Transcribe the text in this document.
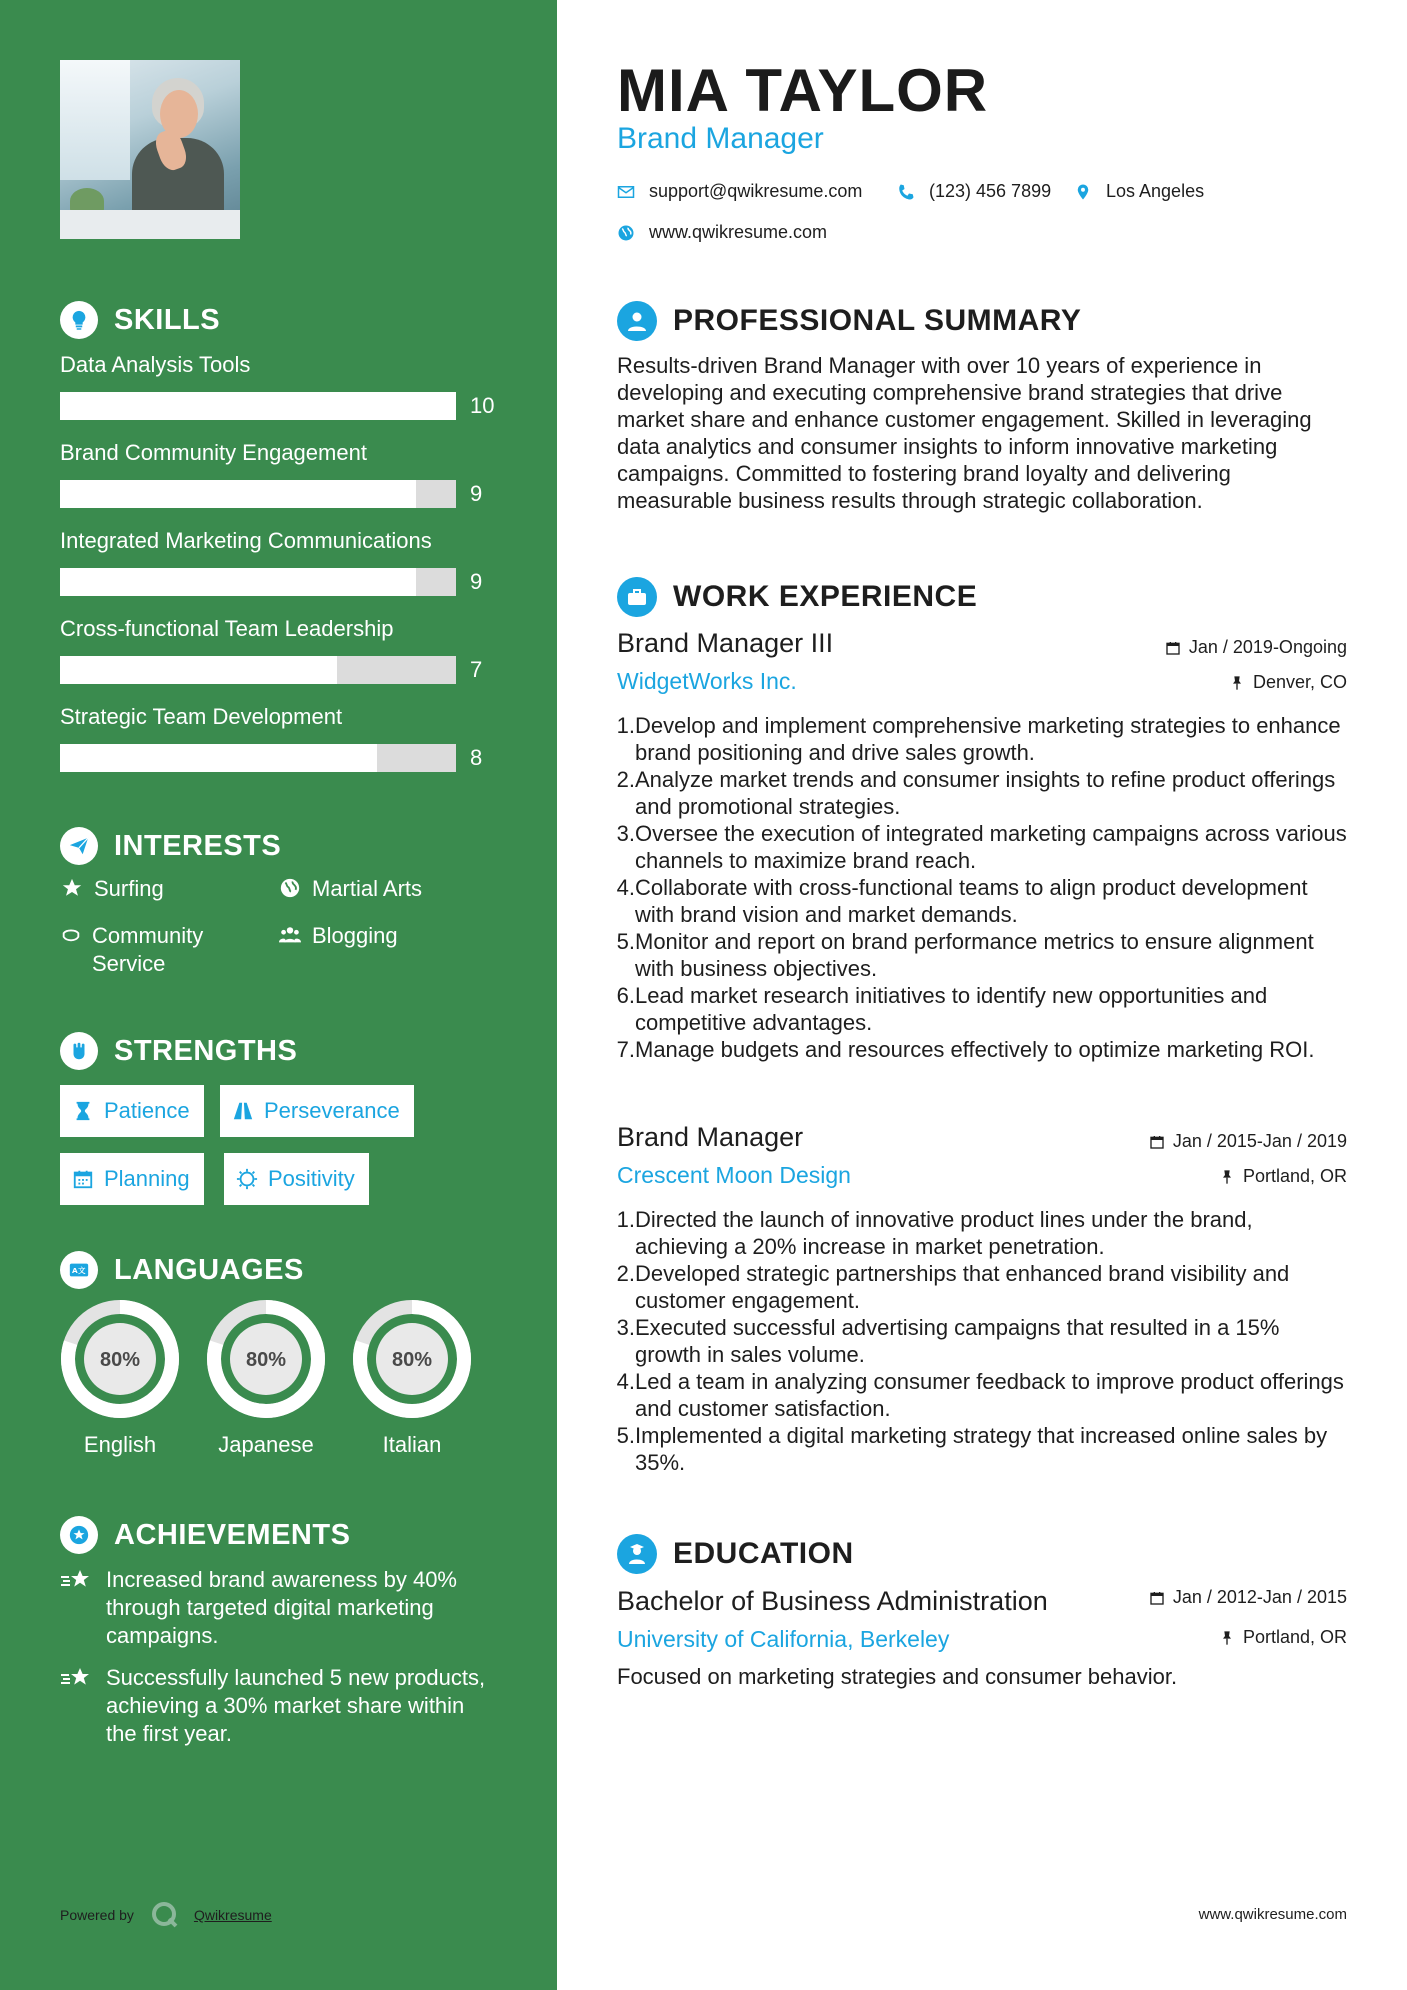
SKILLS
Data Analysis Tools
10
Brand Community Engagement
9
Integrated Marketing Communications
9
Cross-functional Team Leadership
7
Strategic Team Development
8
INTERESTS
Surfing	Martial Arts
Community Service
Blogging
STRENGTHS
Patience	Perseverance
Planning	Positivity
A文 LANGUAGES
80%
English
80%
Japanese
80%
Italian
ACHIEVEMENTS
Increased brand awareness by 40% through targeted digital marketing campaigns.
Successfully launched 5 new products, achieving a 30% market share within the first year.
Powered by	Qwikresume
MIA TAYLOR
Brand Manager
support@qwikresume.com	(123) 456 7899	Los Angeles
www.qwikresume.com
PROFESSIONAL SUMMARY
Results-driven Brand Manager with over 10 years of experience in developing and executing comprehensive brand strategies that drive market share and enhance customer engagement. Skilled in leveraging data analytics and consumer insights to inform innovative marketing campaigns. Committed to fostering brand loyalty and delivering measurable business results through strategic collaboration.
WORK EXPERIENCE
Brand Manager III
WidgetWorks Inc.
Jan / 2019-Ongoing
Denver, CO
1. Develop and implement comprehensive marketing strategies to enhance brand positioning and drive sales growth.
2. Analyze market trends and consumer insights to refine product offerings and promotional strategies.
3. Oversee the execution of integrated marketing campaigns across various channels to maximize brand reach.
4. Collaborate with cross-functional teams to align product development with brand vision and market demands.
5. Monitor and report on brand performance metrics to ensure alignment with business objectives.
6. Lead market research initiatives to identify new opportunities and competitive advantages.
7. Manage budgets and resources effectively to optimize marketing ROI.
Brand Manager
Crescent Moon Design
Jan / 2015-Jan / 2019
Portland, OR
1. Directed the launch of innovative product lines under the brand, achieving a 20% increase in market penetration.
2. Developed strategic partnerships that enhanced brand visibility and customer engagement.
3. Executed successful advertising campaigns that resulted in a 15% growth in sales volume.
4. Led a team in analyzing consumer feedback to improve product offerings and customer satisfaction.
5. Implemented a digital marketing strategy that increased online sales by 35%.
EDUCATION
Bachelor of Business Administration
University of California, Berkeley
Jan / 2012-Jan / 2015
Portland, OR
Focused on marketing strategies and consumer behavior.
www.qwikresume.com
